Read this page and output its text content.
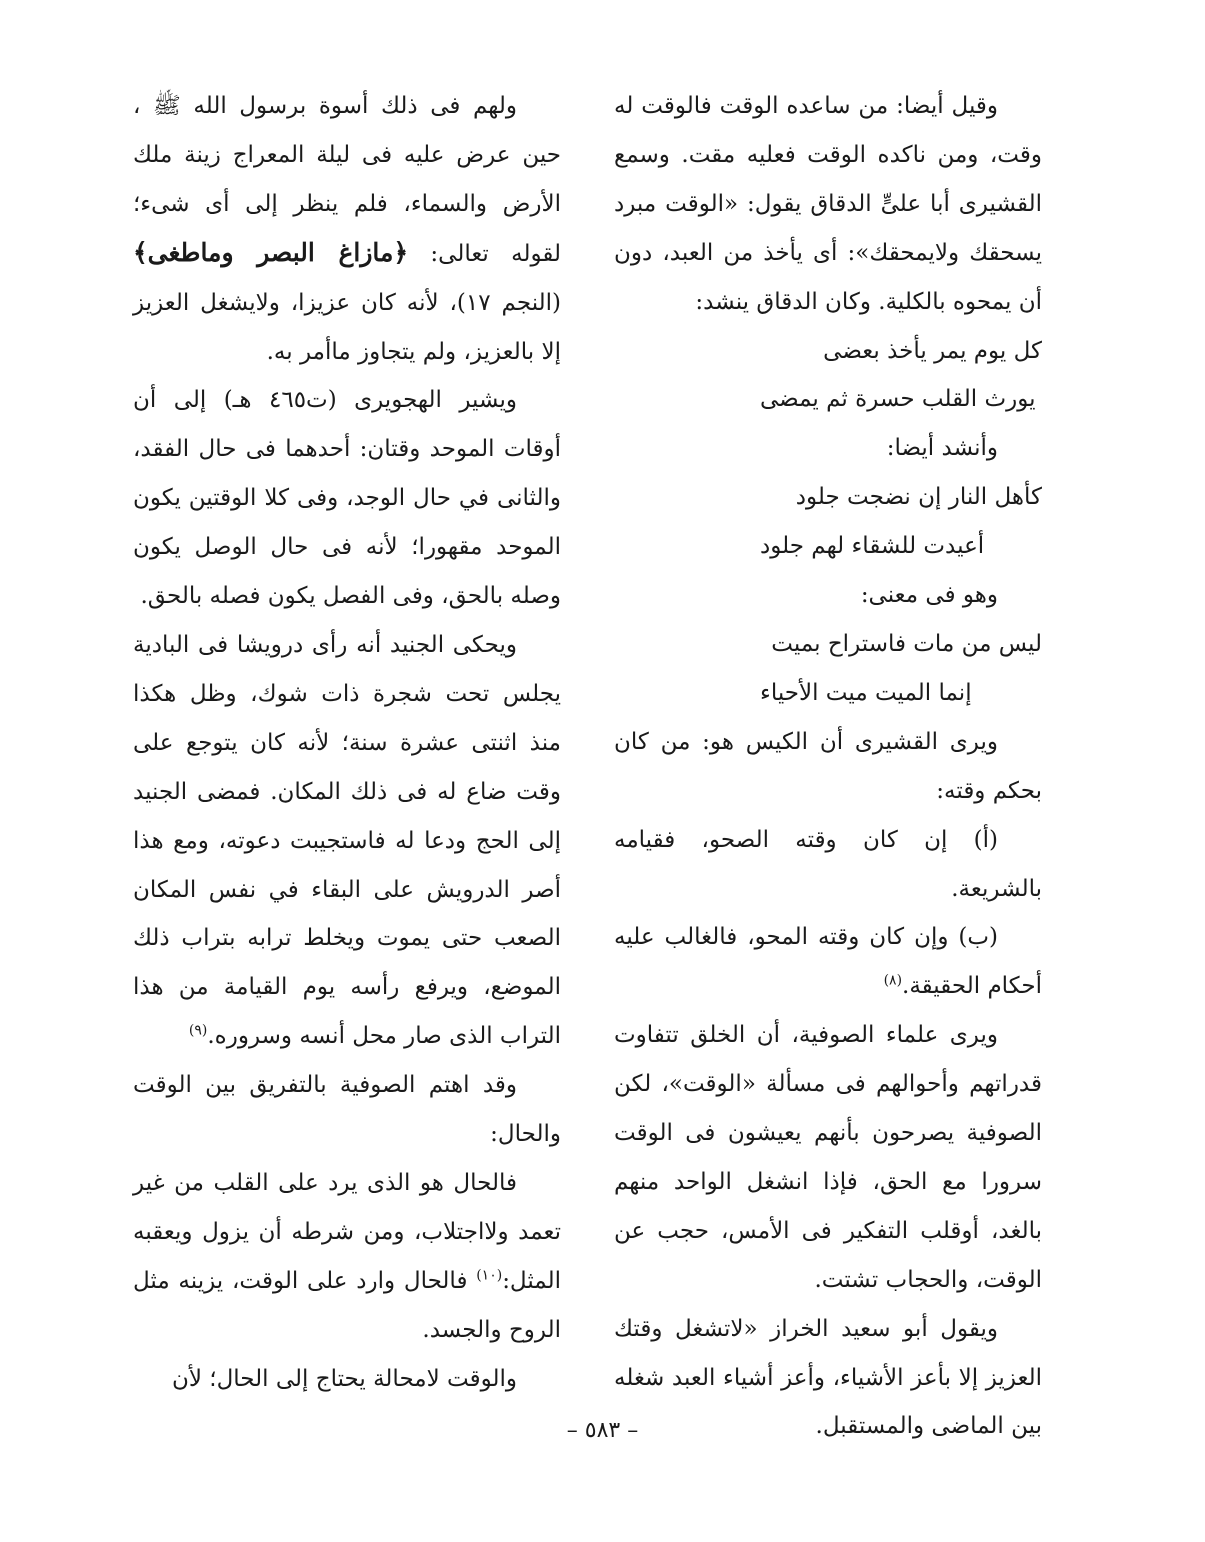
وقيل أيضا: من ساعده الوقت فالوقت له وقت، ومن ناكده الوقت فعليه مقت. وسمع القشيرى أبا علىٍّ الدقاق يقول: «الوقت مبرد يسحقك ولايمحقك»: أى يأخذ من العبد، دون أن يمحوه بالكلية. وكان الدقاق ينشد:

كل يوم يمر يأخذ بعضى

يورث القلب حسرة ثم يمضى

وأنشد أيضا:

كأهل النار إن نضجت جلود

أعيدت للشقاء لهم جلود

وهو فى معنى:

ليس من مات فاستراح بميت

إنما الميت ميت الأحياء

ويرى القشيرى أن الكيس هو: من كان بحكم وقته:

(أ) إن كان وقته الصحو، فقيامه بالشريعة.

(ب) وإن كان وقته المحو، فالغالب عليه أحكام الحقيقة.$^{(٨)}$

ويرى علماء الصوفية، أن الخلق تتفاوت قدراتهم وأحوالهم فى مسألة «الوقت»، لكن الصوفية يصرحون بأنهم يعيشون فى الوقت سرورا مع الحق، فإذا انشغل الواحد منهم بالغد، أوقلب التفكير فى الأمس، حجب عن الوقت، والحجاب تشتت.

ويقول أبو سعيد الخراز «لاتشغل وقتك العزيز إلا بأعز الأشياء، وأعز أشياء العبد شغله بين الماضى والمستقبل.

ولهم فى ذلك أسوة برسول الله ﷺ ، حين عرض عليه فى ليلة المعراج زينة ملك الأرض والسماء، فلم ينظر إلى أى شىء؛ لقوله تعالى: ﴿مازاغ البصر وماطغى﴾ (النجم ١٧)، لأنه كان عزيزا، ولايشغل العزيز إلا بالعزيز، ولم يتجاوز ماأمر به.

ويشير الهجويرى (ت٤٦٥ هـ) إلى أن أوقات الموحد وقتان: أحدهما فى حال الفقد، والثانى في حال الوجد، وفى كلا الوقتين يكون الموحد مقهورا؛ لأنه فى حال الوصل يكون وصله بالحق، وفى الفصل يكون فصله بالحق.

ويحكى الجنيد أنه رأى درويشا فى البادية يجلس تحت شجرة ذات شوك، وظل هكذا منذ اثنتى عشرة سنة؛ لأنه كان يتوجع على وقت ضاع له فى ذلك المكان. فمضى الجنيد إلى الحج ودعا له فاستجيبت دعوته، ومع هذا أصر الدرويش على البقاء في نفس المكان الصعب حتى يموت ويخلط ترابه بتراب ذلك الموضع، ويرفع رأسه يوم القيامة من هذا التراب الذى صار محل أنسه وسروره.$^{(٩)}$

وقد اهتم الصوفية بالتفريق بين الوقت والحال:

فالحال هو الذى يرد على القلب من غير تعمد ولااجتلاب، ومن شرطه أن يزول ويعقبه المثل:$^{(١٠)}$ فالحال وارد على الوقت، يزينه مثل الروح والجسد.

والوقت لامحالة يحتاج إلى الحال؛ لأن

– ٥٨٣ –
